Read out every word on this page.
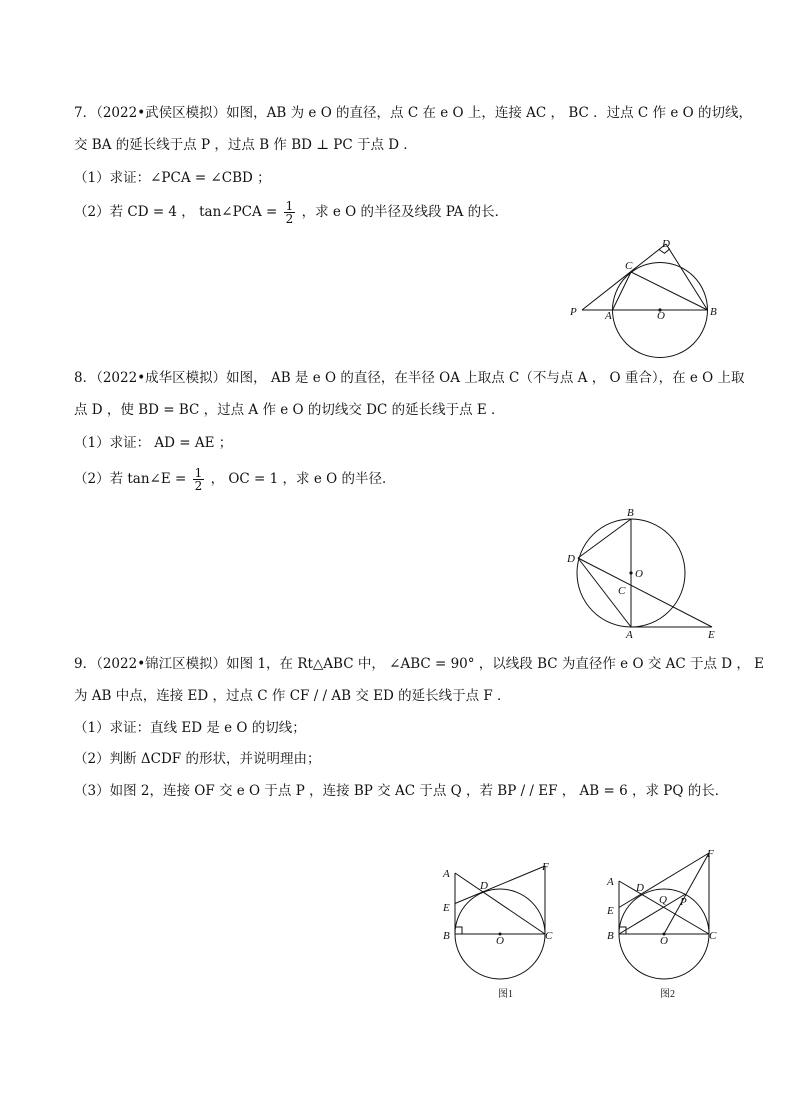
7．（2022•武侯区模拟）如图，AB 为 e O 的直径，点 C 在 e O 上，连接 AC ， BC ．过点 C 作 e O 的切线，
交 BA 的延长线于点 P ，过点 B 作 BD ⊥ PC 于点 D ．
（1）求证：∠PCA = ∠CBD ；
（2）若 CD = 4 ， tan∠PCA = $\frac{1}{2}$ ，求 e O 的半径及线段 PA 的长．
D
C
P	A	O	B
8．（2022•成华区模拟）如图， AB 是 e O 的直径，在半径 OA 上取点 C（不与点 A ， O 重合），在 e O 上取
点 D ，使 BD = BC ，过点 A 作 e O 的切线交 DC 的延长线于点 E ．
（1）求证： AD = AE ；
（2）若 tan∠E = $\frac{1}{2}$ ， OC = 1 ，求 e O 的半径．
B
D
O
C
A	E
9．（2022•锦江区模拟）如图 1，在 Rt△ABC 中， ∠ABC = 90° ，以线段 BC 为直径作 e O 交 AC 于点 D ， E
为 AB 中点，连接 ED ，过点 C 作 CF / / AB 交 ED 的延长线于点 F ．
（1）求证：直线 ED 是 e O 的切线；
（2）判断 ΔCDF 的形状，并说明理由；
（3）如图 2，连接 OF 交 e O 于点 P ，连接 BP 交 AC 于点 Q ，若 BP / / EF ， AB = 6 ，求 PQ 的长．
A
F
D
E
B	O	C
图1
F
A D
Q P
E
B	O	C
图2
